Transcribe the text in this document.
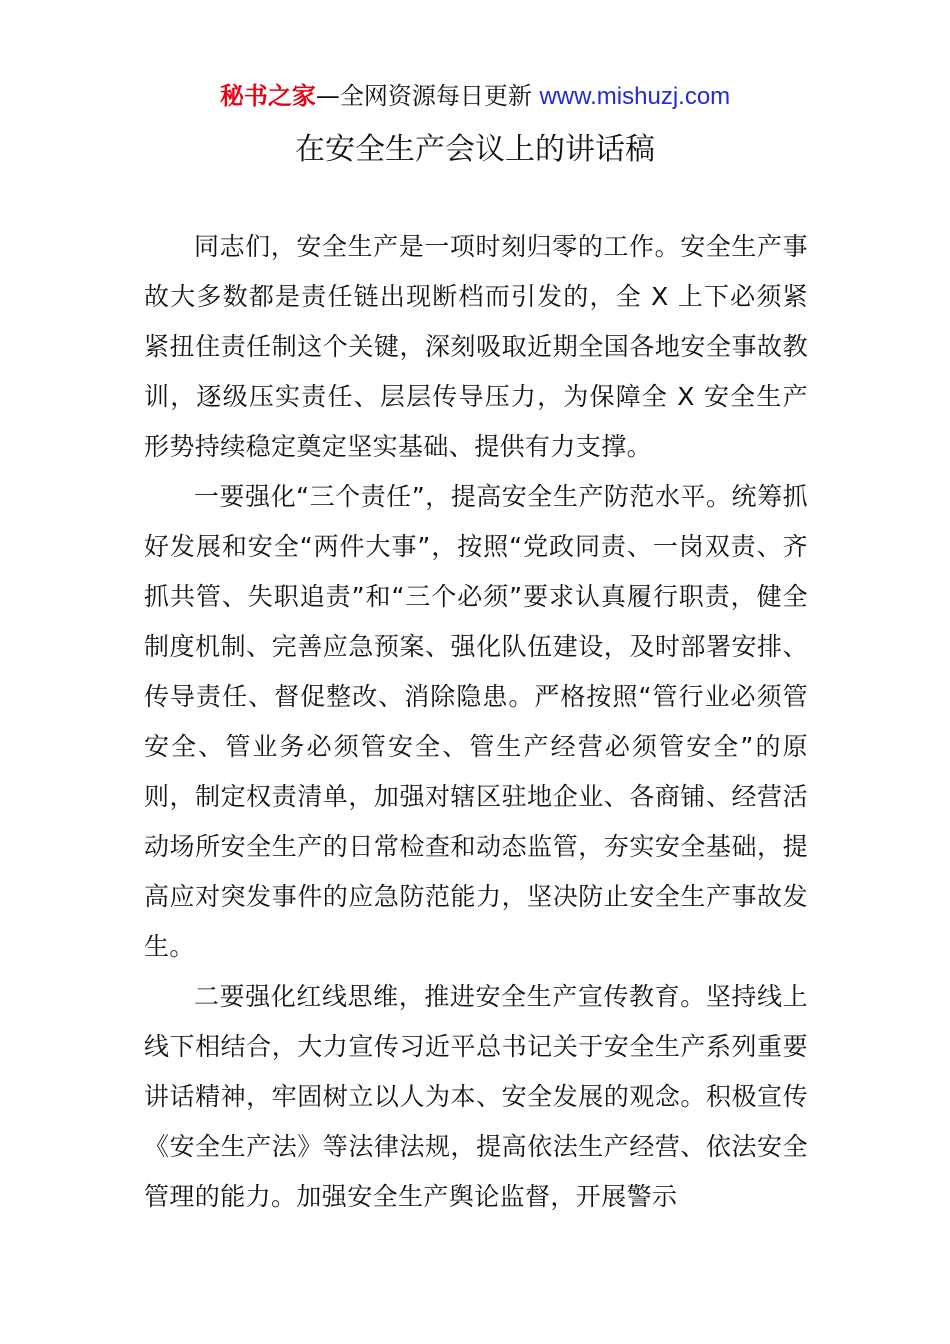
秘书之家—全网资源每日更新 www.mishuzj.com
在安全生产会议上的讲话稿

同志们，安全生产是一项时刻归零的工作。安全生产事故大多数都是责任链出现断档而引发的，全 X 上下必须紧紧扭住责任制这个关键，深刻吸取近期全国各地安全事故教训，逐级压实责任、层层传导压力，为保障全 X 安全生产形势持续稳定奠定坚实基础、提供有力支撑。

一要强化“三个责任”，提高安全生产防范水平。统筹抓好发展和安全“两件大事”，按照“党政同责、一岗双责、齐抓共管、失职追责”和“三个必须”要求认真履行职责，健全制度机制、完善应急预案、强化队伍建设，及时部署安排、传导责任、督促整改、消除隐患。严格按照“管行业必须管安全、管业务必须管安全、管生产经营必须管安全”的原则，制定权责清单，加强对辖区驻地企业、各商铺、经营活动场所安全生产的日常检查和动态监管，夯实安全基础，提高应对突发事件的应急防范能力，坚决防止安全生产事故发生。

二要强化红线思维，推进安全生产宣传教育。坚持线上线下相结合，大力宣传习近平总书记关于安全生产系列重要讲话精神，牢固树立以人为本、安全发展的观念。积极宣传《安全生产法》等法律法规，提高依法生产经营、依法安全管理的能力。加强安全生产舆论监督，开展警示
